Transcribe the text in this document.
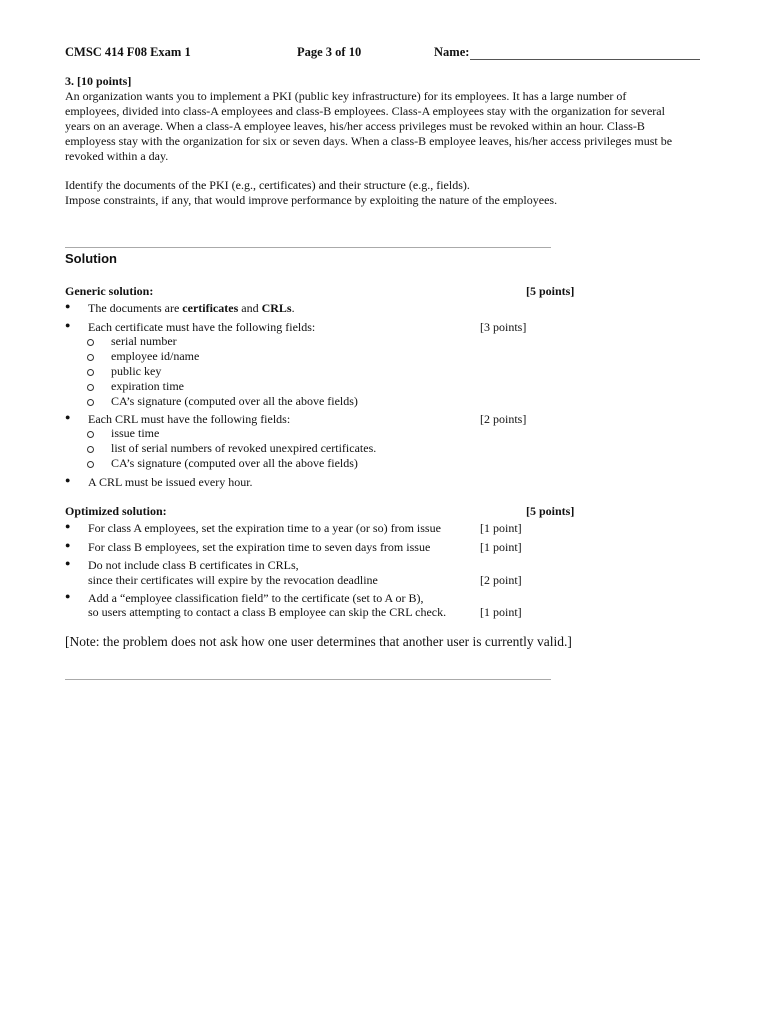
CMSC 414 F08 Exam 1	Page 3 of 10	Name:
3. [10 points]
An organization wants you to implement a PKI (public key infrastructure) for its employees. It has a large number of
employees, divided into class-A employees and class-B employees. Class-A employees stay with the organization for several
years on an average. When a class-A employee leaves, his/her access privileges must be revoked within an hour. Class-B
employess stay with the organization for six or seven days. When a class-B employee leaves, his/her access privileges must be
revoked within a day.
Identify the documents of the PKI (e.g., certificates) and their structure (e.g., fields).
Impose constraints, if any, that would improve performance by exploiting the nature of the employees.
Solution
Generic solution:	[5 points]
● The documents are certificates and CRLs.
● Each certificate must have the following fields:	[3 points]
serial number
employee id/name
public key
expiration time
CA’s signature (computed over all the above fields)
● Each CRL must have the following fields:	[2 points]
issue time
list of serial numbers of revoked unexpired certificates.
CA’s signature (computed over all the above fields)
● A CRL must be issued every hour.
Optimized solution:	[5 points]
● For class A employees, set the expiration time to a year (or so) from issue	[1 point]
● For class B employees, set the expiration time to seven days from issue	[1 point]
● Do not include class B certificates in CRLs,
since their certificates will expire by the revocation deadline	[2 point]
● Add a “employee classification field” to the certificate (set to A or B),
so users attempting to contact a class B employee can skip the CRL check.	[1 point]
[Note: the problem does not ask how one user determines that another user is currently valid.]
